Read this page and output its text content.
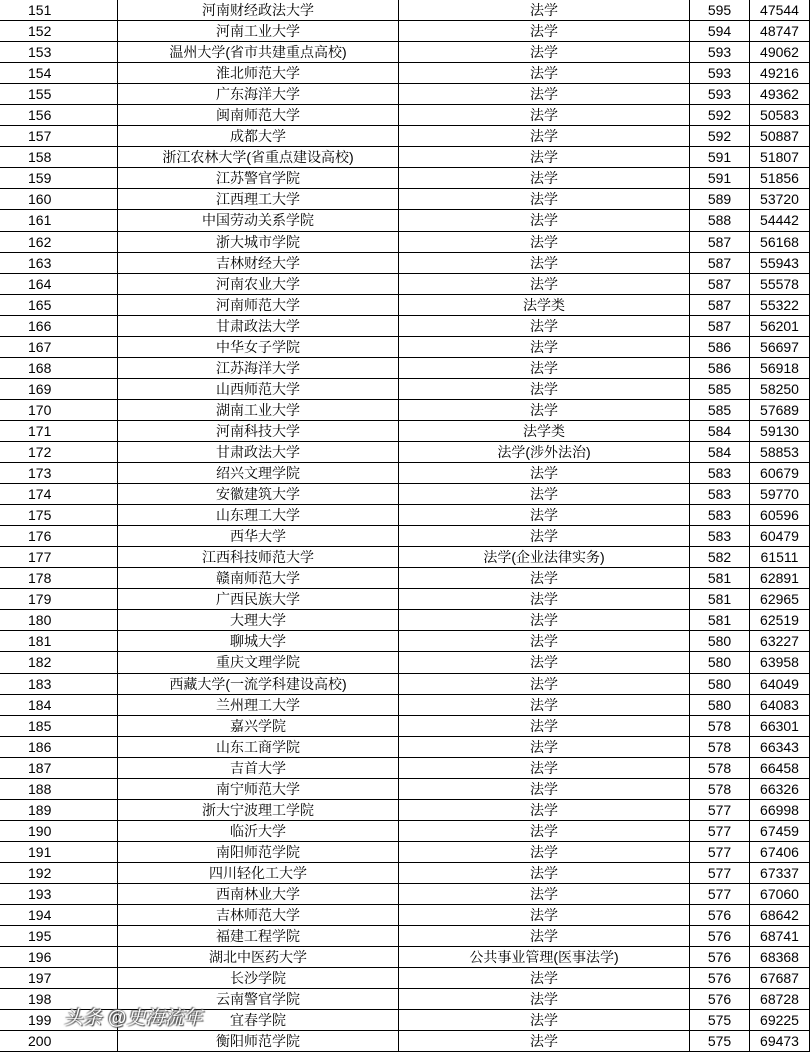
151	河南财经政法大学	法学	595	47544
152	河南工业大学	法学	594	48747
153	温州大学(省市共建重点高校)	法学	593	49062
154	淮北师范大学	法学	593	49216
155	广东海洋大学	法学	593	49362
156	闽南师范大学	法学	592	50583
157	成都大学	法学	592	50887
158	浙江农林大学(省重点建设高校)	法学	591	51807
159	江苏警官学院	法学	591	51856
160	江西理工大学	法学	589	53720
161	中国劳动关系学院	法学	588	54442
162	浙大城市学院	法学	587	56168
163	吉林财经大学	法学	587	55943
164	河南农业大学	法学	587	55578
165	河南师范大学	法学类	587	55322
166	甘肃政法大学	法学	587	56201
167	中华女子学院	法学	586	56697
168	江苏海洋大学	法学	586	56918
169	山西师范大学	法学	585	58250
170	湖南工业大学	法学	585	57689
171	河南科技大学	法学类	584	59130
172	甘肃政法大学	法学(涉外法治)	584	58853
173	绍兴文理学院	法学	583	60679
174	安徽建筑大学	法学	583	59770
175	山东理工大学	法学	583	60596
176	西华大学	法学	583	60479
177	江西科技师范大学	法学(企业法律实务)	582	61511
178	赣南师范大学	法学	581	62891
179	广西民族大学	法学	581	62965
180	大理大学	法学	581	62519
181	聊城大学	法学	580	63227
182	重庆文理学院	法学	580	63958
183	西藏大学(一流学科建设高校)	法学	580	64049
184	兰州理工大学	法学	580	64083
185	嘉兴学院	法学	578	66301
186	山东工商学院	法学	578	66343
187	吉首大学	法学	578	66458
188	南宁师范大学	法学	578	66326
189	浙大宁波理工学院	法学	577	66998
190	临沂大学	法学	577	67459
191	南阳师范学院	法学	577	67406
192	四川轻化工大学	法学	577	67337
193	西南林业大学	法学	577	67060
194	吉林师范大学	法学	576	68642
195	福建工程学院	法学	576	68741
196	湖北中医药大学	公共事业管理(医事法学)	576	68368
197	长沙学院	法学	576	67687
198	云南警官学院	法学	576	68728
199	宜春学院	法学	575	69225
200	衡阳师范学院	法学	575	69473
头条 @史海流年
